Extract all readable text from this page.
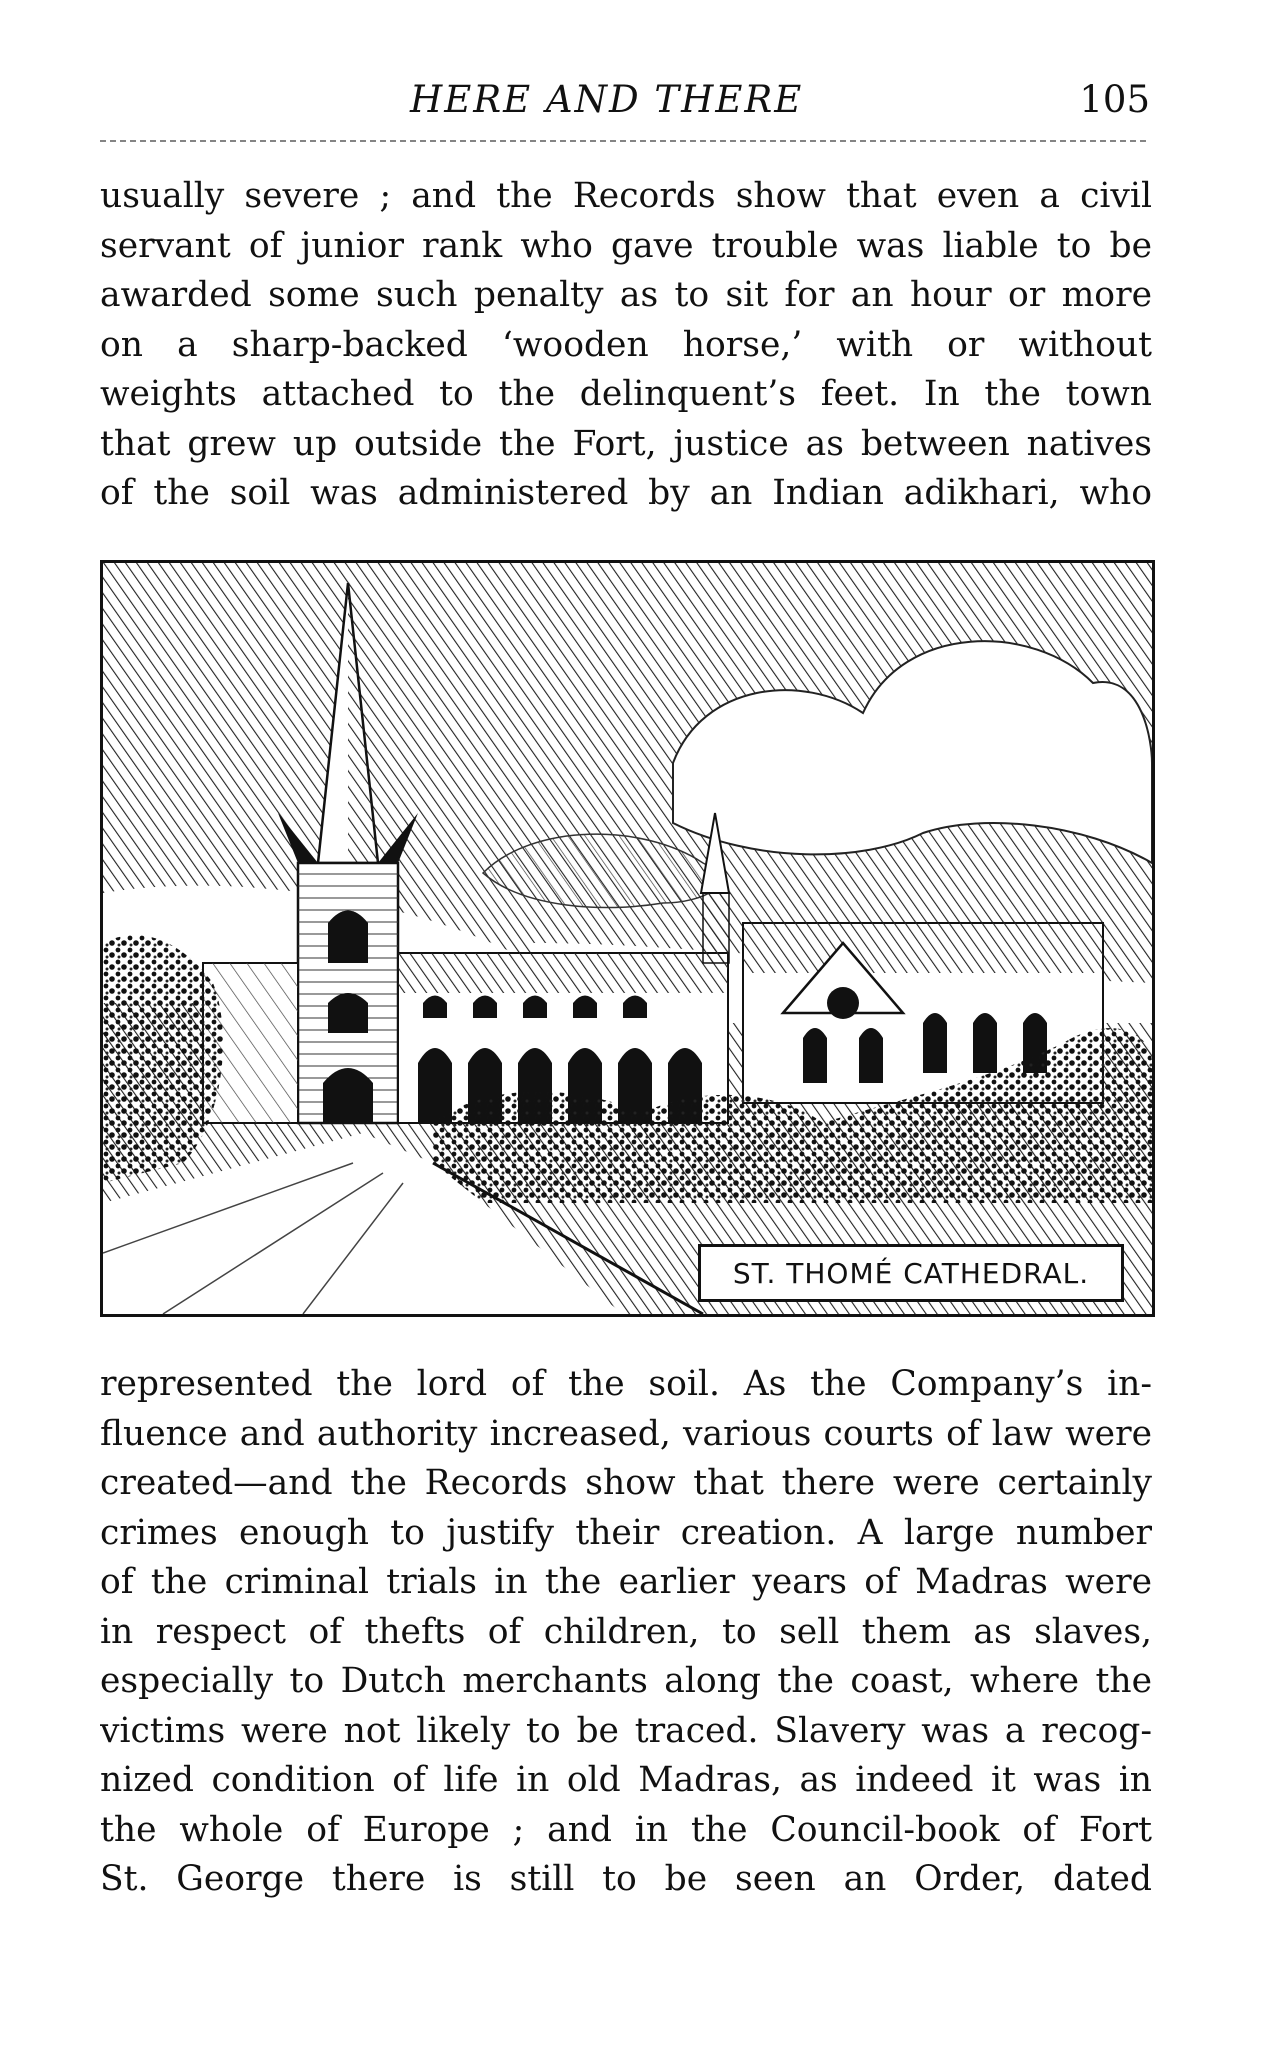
HERE AND THERE	105
usually severe ; and the Records show that even a civil
servant of junior rank who gave trouble was liable to be
awarded some such penalty as to sit for an hour or more
on a sharp-backed ‘wooden horse,’ with or without
weights attached to the delinquent’s feet. In the town
that grew up outside the Fort, justice as between natives
of the soil was administered by an Indian adikhari, who
ST. THOMÉ CATHEDRAL.
represented the lord of the soil. As the Company’s in-
fluence and authority increased, various courts of law were
created—and the Records show that there were certainly
crimes enough to justify their creation. A large number
of the criminal trials in the earlier years of Madras were
in respect of thefts of children, to sell them as slaves,
especially to Dutch merchants along the coast, where the
victims were not likely to be traced. Slavery was a recog-
nized condition of life in old Madras, as indeed it was in
the whole of Europe ; and in the Council-book of Fort
St. George there is still to be seen an Order, dated
